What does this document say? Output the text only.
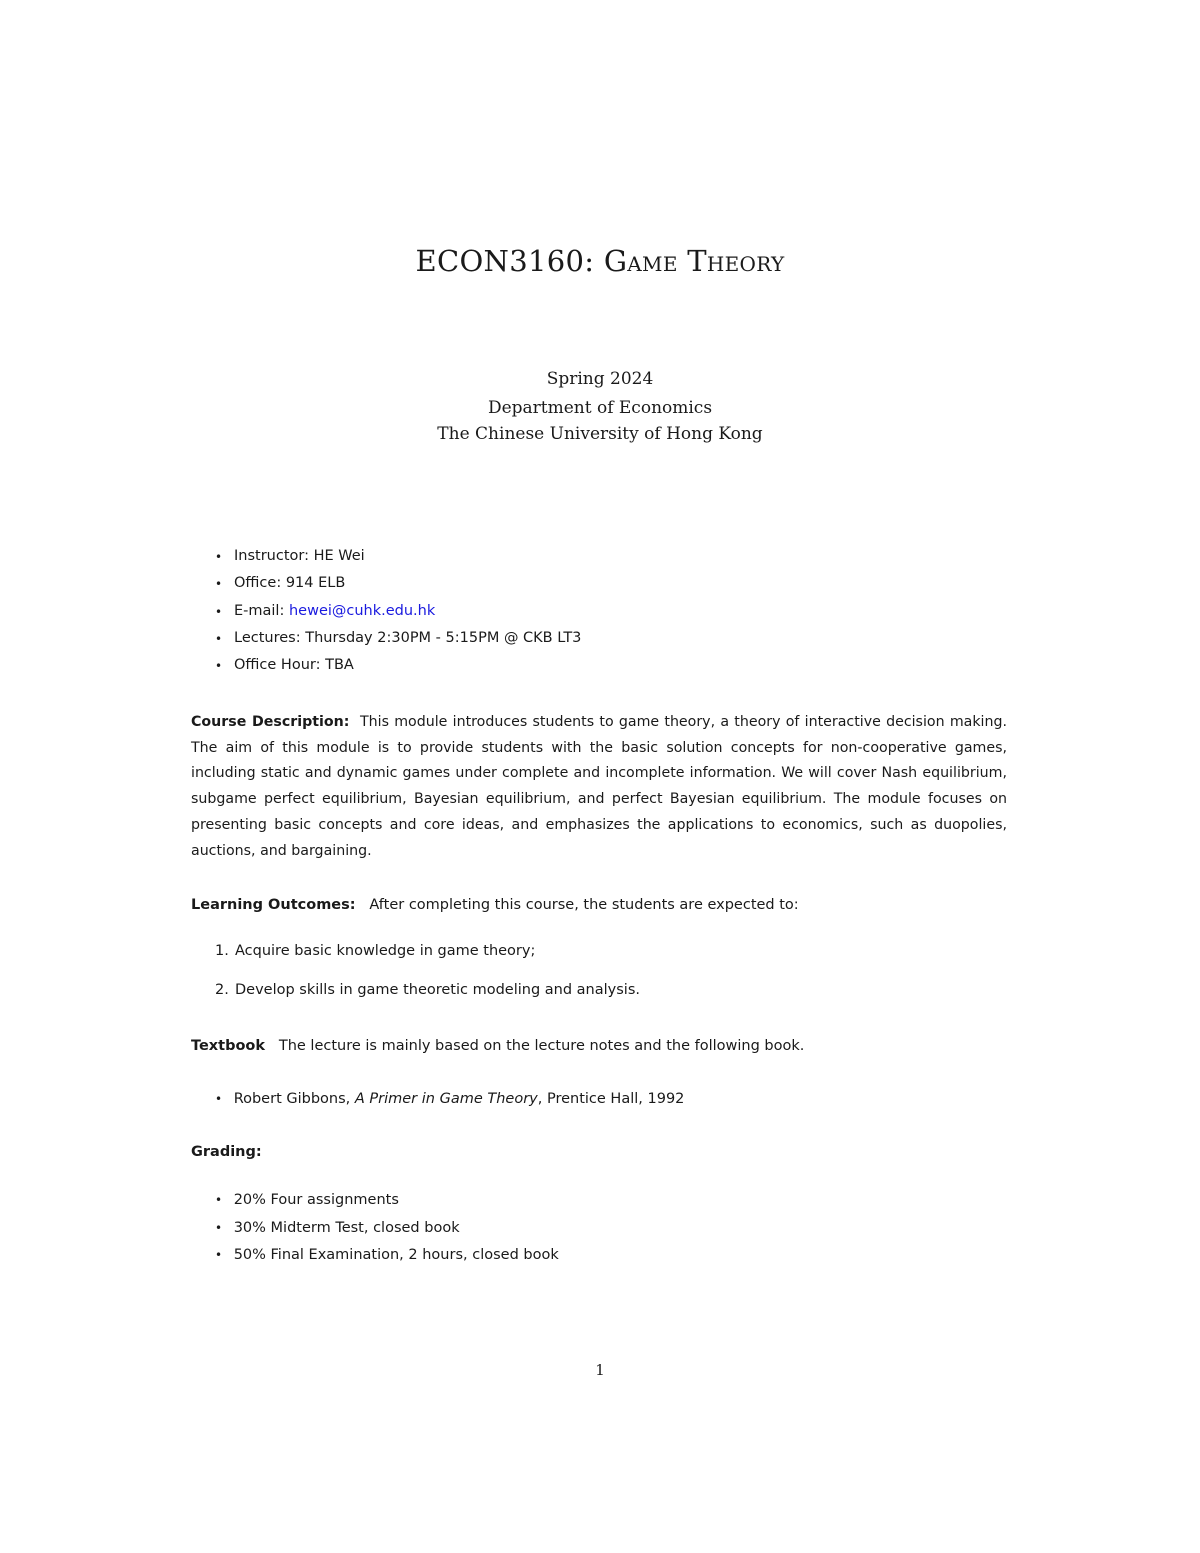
ECON3160: Game Theory
Spring 2024
Department of Economics
The Chinese University of Hong Kong
• Instructor: HE Wei
• Office: 914 ELB
• E-mail: hewei@cuhk.edu.hk
• Lectures: Thursday 2:30PM - 5:15PM @ CKB LT3
• Office Hour: TBA
Course Description: This module introduces students to game theory, a theory of interactive decision making. The aim of this module is to provide students with the basic solution concepts for non-cooperative games, including static and dynamic games under complete and incomplete information. We will cover Nash equilibrium, subgame perfect equilibrium, Bayesian equilibrium, and perfect Bayesian equilibrium. The module focuses on presenting basic concepts and core ideas, and emphasizes the applications to economics, such as duopolies, auctions, and bargaining.
Learning Outcomes: After completing this course, the students are expected to:
1. Acquire basic knowledge in game theory;
2. Develop skills in game theoretic modeling and analysis.
Textbook The lecture is mainly based on the lecture notes and the following book.
• Robert Gibbons, A Primer in Game Theory, Prentice Hall, 1992
Grading:
• 20% Four assignments
• 30% Midterm Test, closed book
• 50% Final Examination, 2 hours, closed book
1
